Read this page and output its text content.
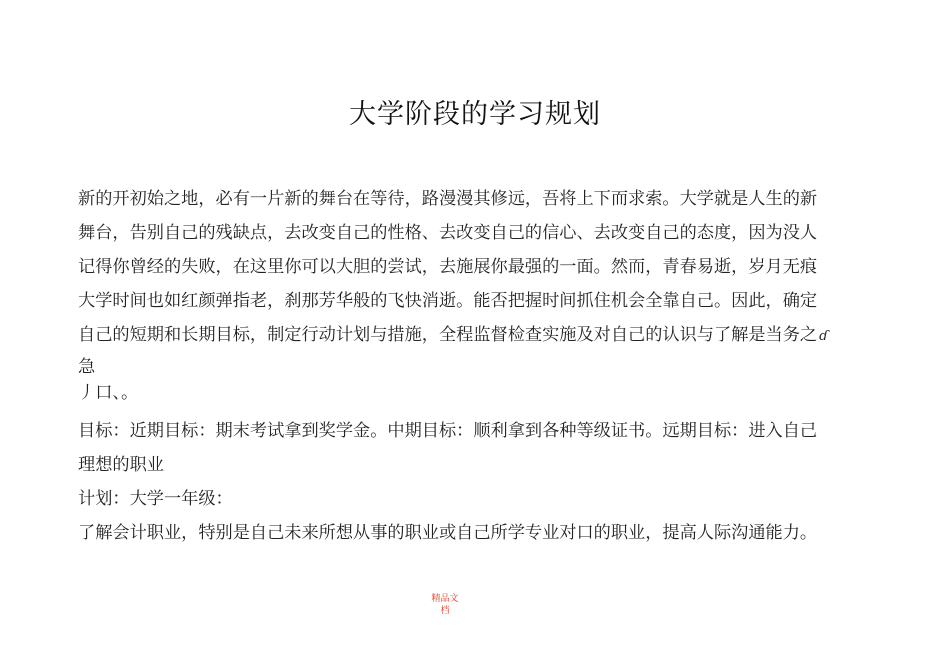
大学阶段的学习规划
新的开初始之地，必有一片新的舞台在等待，路漫漫其修远，吾将上下而求索。大学就是人生的新
舞台，告别自己的残缺点，去改变自己的性格、去改变自己的信心、去改变自己的态度，因为没人
记得你曾经的失败，在这里你可以大胆的尝试，去施展你最强的一面。然而，青春易逝，岁月无痕
大学时间也如红颜弹指老，刹那芳华般的飞快消逝。能否把握时间抓住机会全靠自己。因此，确定
自己的短期和长期目标，制定行动计划与措施，全程监督检查实施及对自己的认识与了解是当务之 ɗ
急
丿口、。
目标：近期目标：期末考试拿到奖学金。中期目标：顺利拿到各种等级证书。远期目标：进入自己
理想的职业
计划：大学一年级：
了解会计职业，特别是自己未来所想从事的职业或自己所学专业对口的职业，提高人际沟通能力。
精品文
档
